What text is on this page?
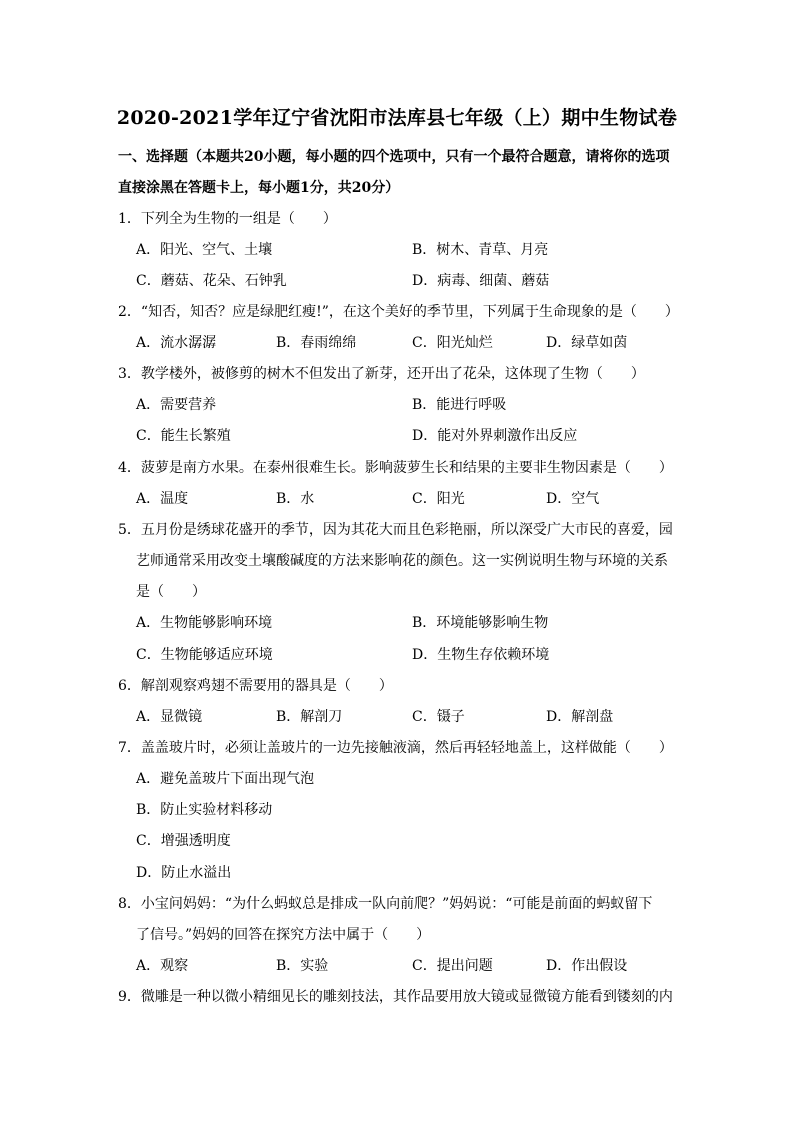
2020-2021学年辽宁省沈阳市法库县七年级（上）期中生物试卷
一、选择题（本题共20小题，每小题的四个选项中，只有一个最符合题意，请将你的选项
直接涂黑在答题卡上，每小题1分，共20分）
1．下列全为生物的一组是（　　）
A．阳光、空气、土壤	B．树木、青草、月亮
C．蘑菇、花朵、石钟乳	D．病毒、细菌、蘑菇
2．“知否，知否？应是绿肥红瘦!”，在这个美好的季节里，下列属于生命现象的是（　　）
A．流水潺潺	B．春雨绵绵	C．阳光灿烂	D．绿草如茵
3．教学楼外，被修剪的树木不但发出了新芽，还开出了花朵，这体现了生物（　　）
A．需要营养	B．能进行呼吸
C．能生长繁殖	D．能对外界刺激作出反应
4．菠萝是南方水果。在泰州很难生长。影响菠萝生长和结果的主要非生物因素是（　　）
A．温度	B．水	C．阳光	D．空气
5．五月份是绣球花盛开的季节，因为其花大而且色彩艳丽，所以深受广大市民的喜爱，园
艺师通常采用改变土壤酸碱度的方法来影响花的颜色。这一实例说明生物与环境的关系
是（　　）
A．生物能够影响环境	B．环境能够影响生物
C．生物能够适应环境	D．生物生存依赖环境
6．解剖观察鸡翅不需要用的器具是（　　）
A．显微镜	B．解剖刀	C．镊子	D．解剖盘
7．盖盖玻片时，必须让盖玻片的一边先接触液滴，然后再轻轻地盖上，这样做能（　　）
A．避免盖玻片下面出现气泡
B．防止实验材料移动
C．增强透明度
D．防止水溢出
8．小宝问妈妈：“为什么蚂蚁总是排成一队向前爬？”妈妈说：“可能是前面的蚂蚁留下
了信号。”妈妈的回答在探究方法中属于（　　）
A．观察	B．实验	C．提出问题	D．作出假设
9．微雕是一种以微小精细见长的雕刻技法，其作品要用放大镜或显微镜方能看到镂刻的内
